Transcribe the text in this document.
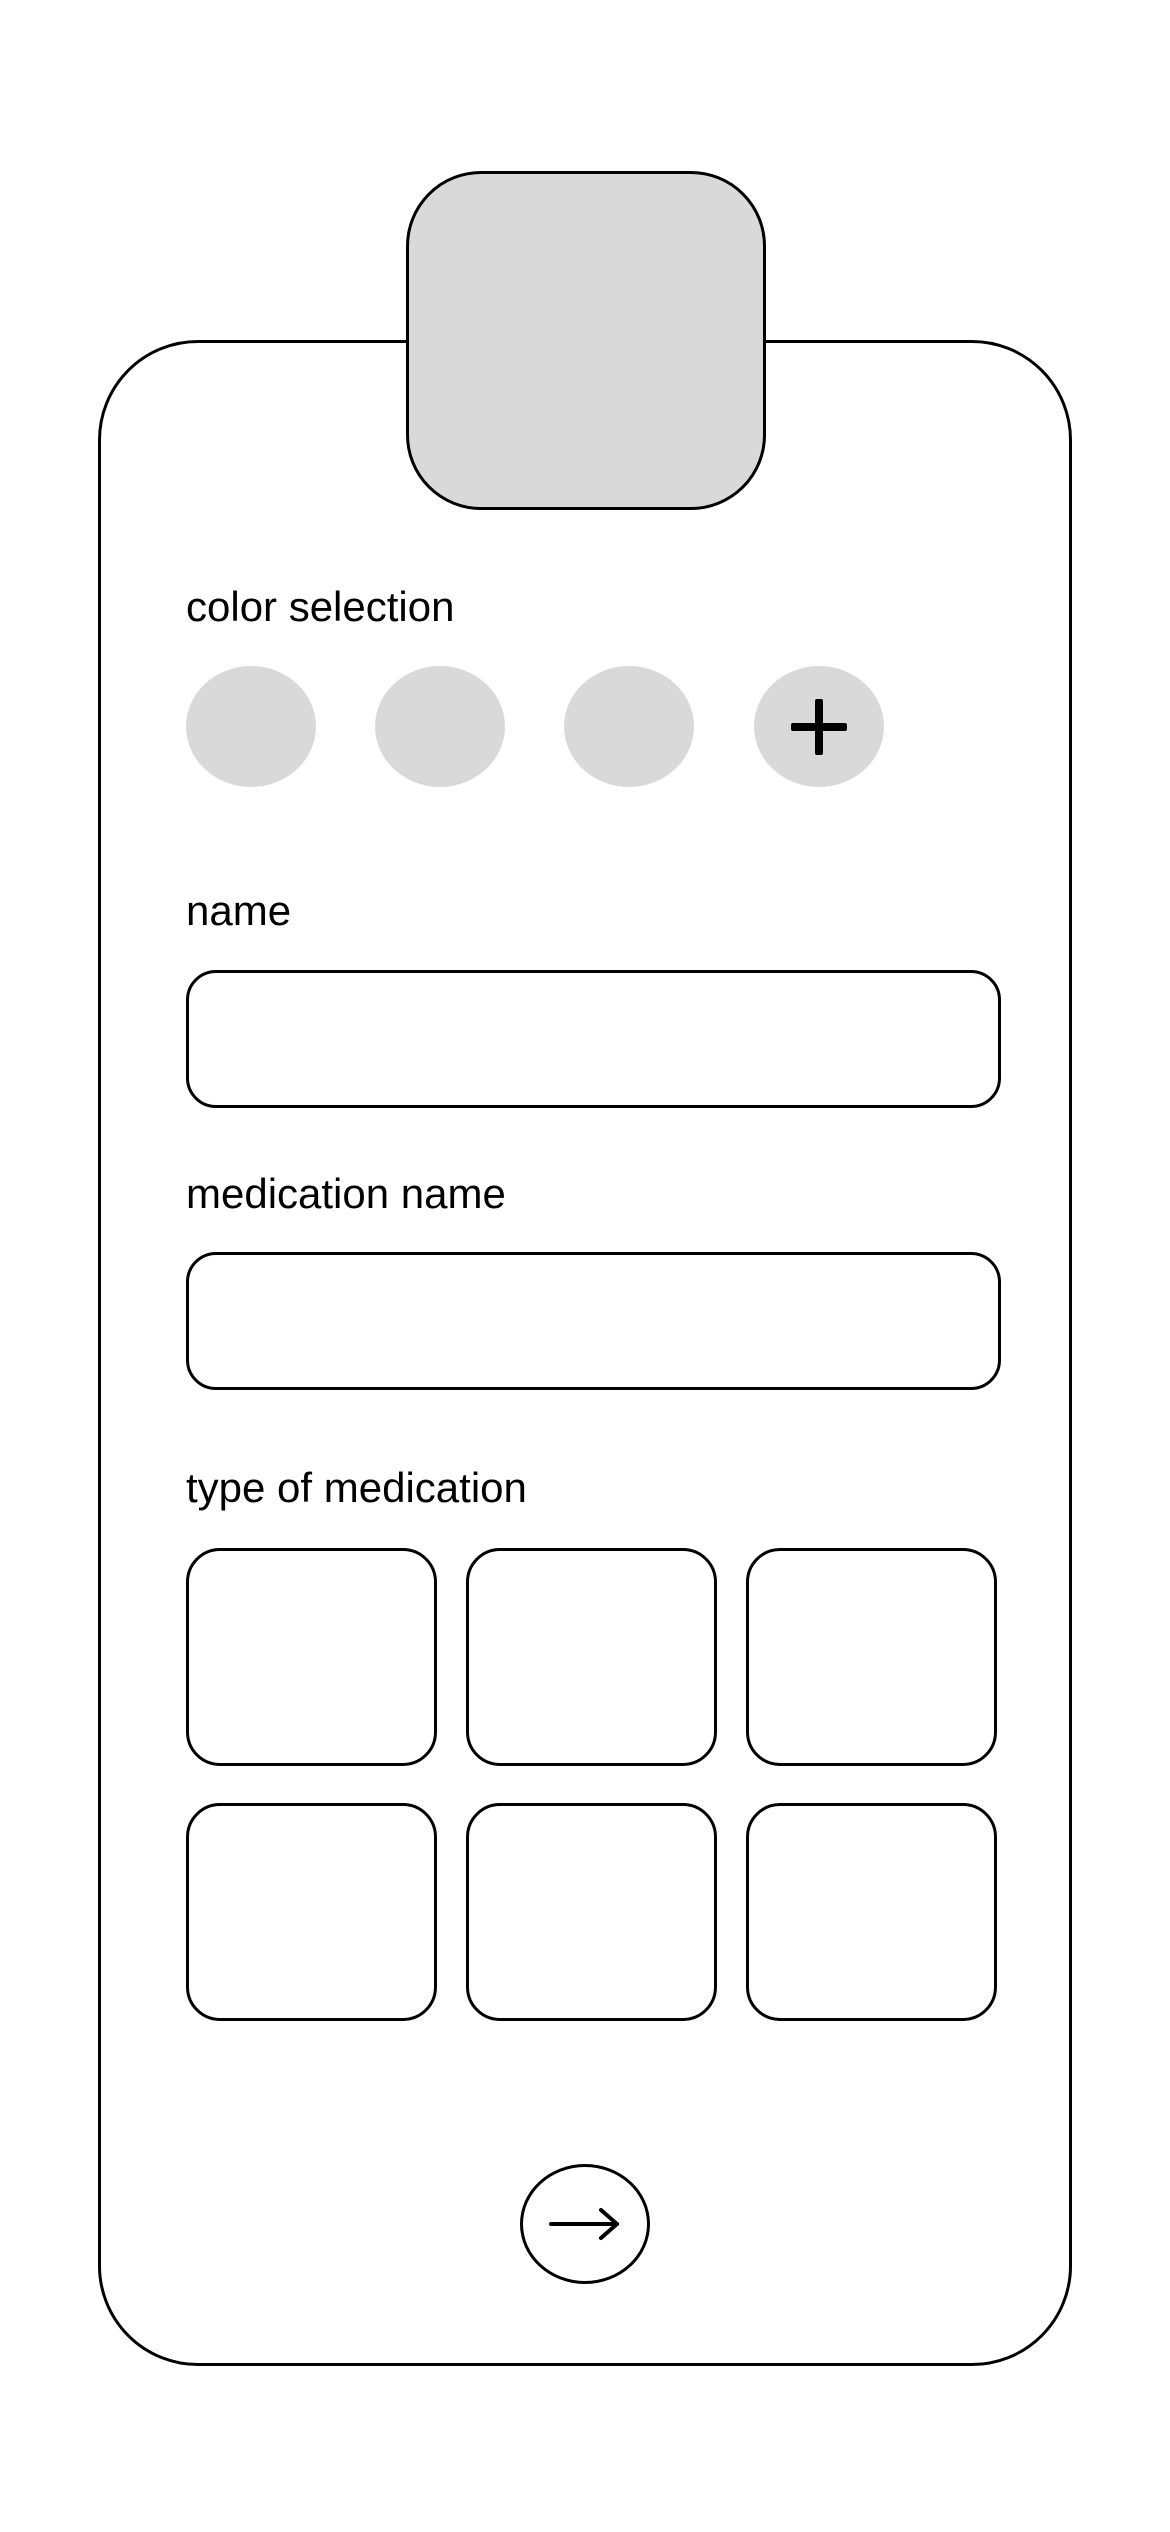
color selection
name
medication name
type of medication
